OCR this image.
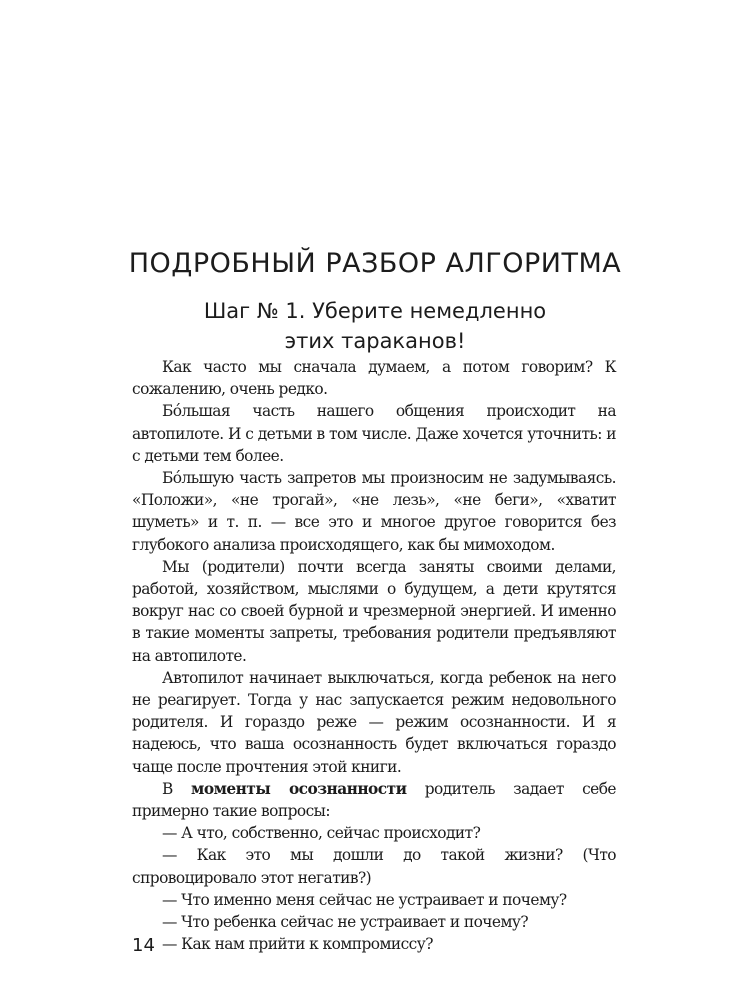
ПОДРОБНЫЙ РАЗБОР АЛГОРИТМА
Шаг № 1. Уберите немедленно
этих тараканов!

Как часто мы сначала думаем, а потом говорим? К сожалению, очень редко.

Бóльшая часть нашего общения происходит на автопилоте. И с детьми в том числе. Даже хочется уточнить: и с детьми тем более.

Бóльшую часть запретов мы произносим не задумываясь. «Положи», «не трогай», «не лезь», «не беги», «хватит шуметь» и т. п. — все это и многое другое говорится без глубокого анализа происходящего, как бы мимоходом.

Мы (родители) почти всегда заняты своими делами, работой, хозяйством, мыслями о будущем, а дети крутятся вокруг нас со своей бурной и чрезмерной энергией. И именно в такие моменты запреты, требования родители предъявляют на автопилоте.

Автопилот начинает выключаться, когда ребенок на него не реагирует. Тогда у нас запускается режим недовольного родителя. И гораздо реже — режим осознанности. И я надеюсь, что ваша осознанность будет включаться гораздо чаще после прочтения этой книги.

В моменты осознанности родитель задает себе примерно такие вопросы:

— А что, собственно, сейчас происходит?

— Как это мы дошли до такой жизни? (Что спровоцировало этот негатив?)

— Что именно меня сейчас не устраивает и почему?

— Что ребенка сейчас не устраивает и почему?

— Как нам прийти к компромиссу?

14
